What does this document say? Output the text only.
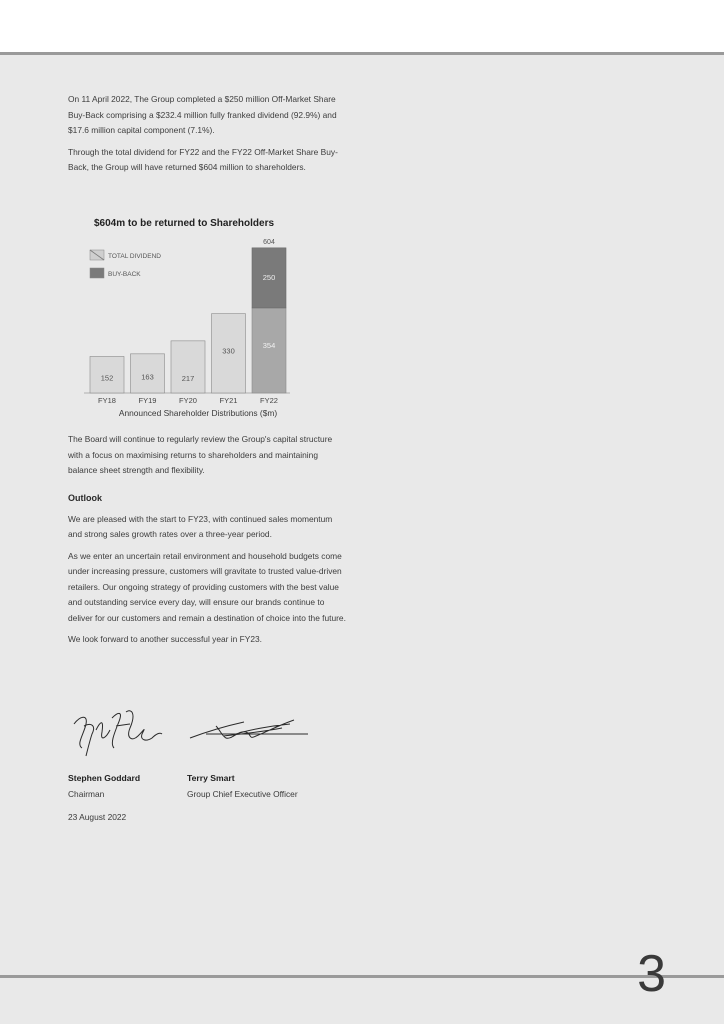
On 11 April 2022, The Group completed a $250 million Off-Market Share Buy-Back comprising a $232.4 million fully franked dividend (92.9%) and $17.6 million capital component (7.1%).

Through the total dividend for FY22 and the FY22 Off-Market Share Buy-Back, the Group will have returned $604 million to shareholders.

$604m to be returned to Shareholders
152
FY18
163
FY19
217
FY20
330
FY21
354
250
604
FY22
TOTAL DIVIDEND
BUY-BACK
Announced Shareholder Distributions ($m)

The Board will continue to regularly review the Group's capital structure with a focus on maximising returns to shareholders and maintaining balance sheet strength and flexibility.

Outlook

We are pleased with the start to FY23, with continued sales momentum and strong sales growth rates over a three-year period.

As we enter an uncertain retail environment and household budgets come under increasing pressure, customers will gravitate to trusted value-driven retailers. Our ongoing strategy of providing customers with the best value and outstanding service every day, will ensure our brands continue to deliver for our customers and remain a destination of choice into the future.

We look forward to another successful year in FY23.

Stephen Goddard
Chairman
Terry Smart
Group Chief Executive Officer
23 August 2022
3
